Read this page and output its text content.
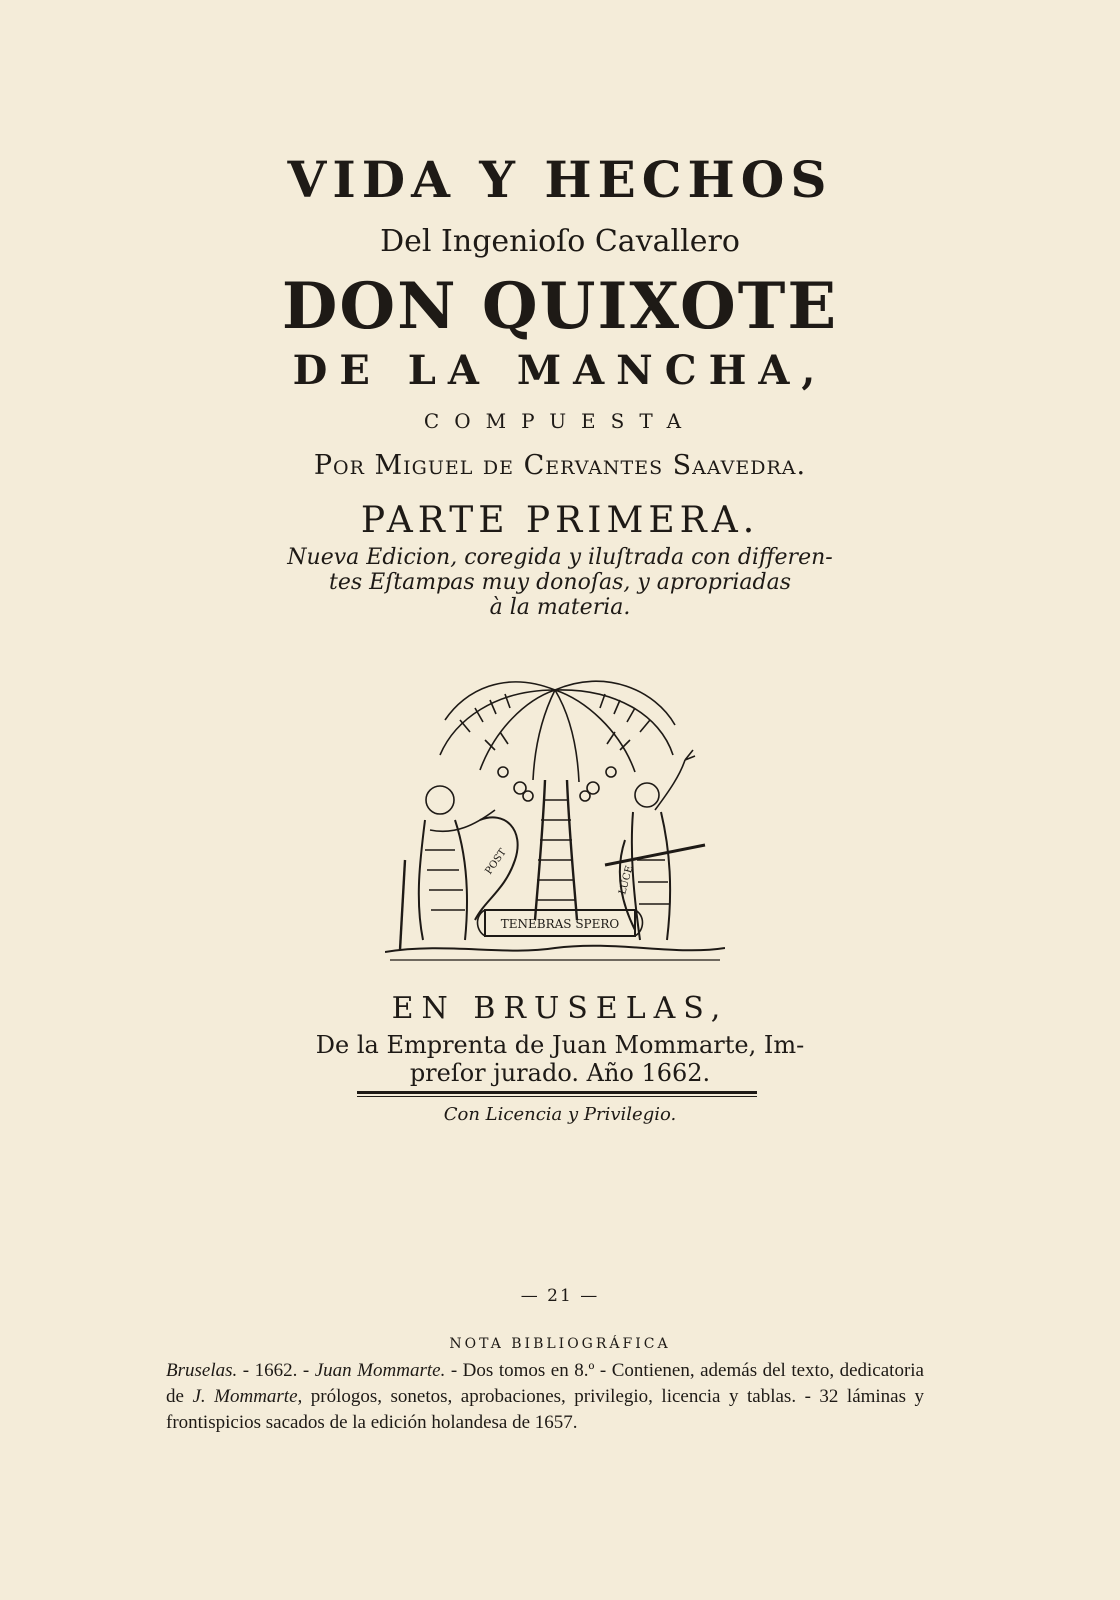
VIDA Y HECHOS
Del Ingenioſo Cavallero
DON QUIXOTE
DE LA MANCHA,
COMPUESTA
Por Miguel de Cervantes Saavedra.
PARTE PRIMERA.
Nueva Edicion, coregida y iluſtrada con differen-
tes Eſtampas muy donoſas, y apropriadas
à la materia.
TENEBRAS SPERO
POST
LUCE
EN BRUSELAS,
De la Emprenta de Juan Mommarte, Im-
preſor jurado. Año 1662.
Con Licencia y Privilegio.
— 21 —
NOTA BIBLIOGRÁFICA
Bruselas. - 1662. - Juan Mommarte. - Dos tomos en 8.º - Contienen, además del texto, dedicatoria de J. Mommarte, prólogos, sonetos, aprobaciones, privilegio, licencia y tablas. - 32 láminas y frontispicios sacados de la edición holandesa de 1657.
